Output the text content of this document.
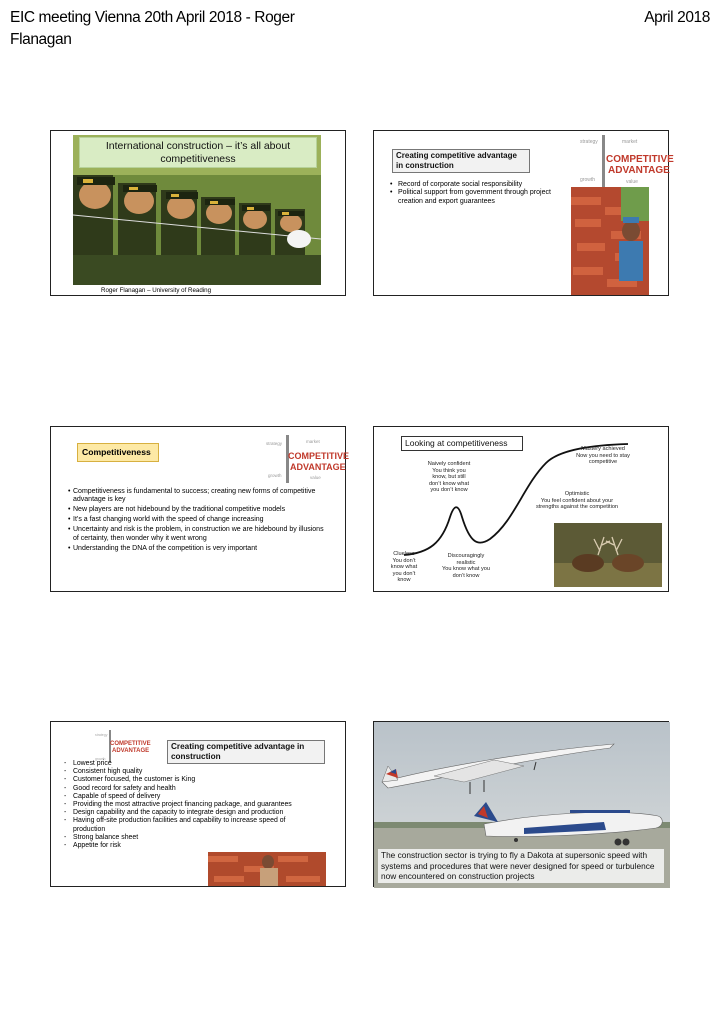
EIC meeting Vienna 20th April 2018 - Roger Flanagan
April 2018
International construction – it’s all about competitiveness
Roger Flanagan – University of Reading
Creating competitive advantage in construction
• Record of corporate social responsibility
• Political support from government through project creation and export guarantees
strategy	market
growth	value
COMPETITIVE
ADVANTAGE
Competitiveness
strategy	market
growth	value
COMPETITIVE
ADVANTAGE
• Competitiveness is fundamental to success; creating new forms of competitive advantage is key
• New players are not hidebound by the traditional competitive models
• It’s a fast changing world with the speed of change increasing
• Uncertainty and risk is the problem, in construction we are hidebound by illusions of certainty, then wonder why it went wrong
• Understanding the DNA of the competition is very important
Looking at competitiveness
Mastery achieved
Now you need to stay competitive
Naively confident
You think you know, but still don’t know what you don’t know
Optimistic
You feel confident about your strengths against the competition
Clueless
You don’t know what you don’t know
Discouragingly realistic
You know what you don’t know
COMPETITIVE
ADVANTAGE
strategy
growth
Creating competitive advantage in construction
- Lowest price
- Consistent high quality
- Customer focused, the customer is King
- Good record for safety and health
- Capable of speed of delivery
- Providing the most attractive project financing package, and guarantees
- Design capability and the capacity to integrate design and production
- Having off-site production facilities and capability to increase speed of production
- Strong balance sheet
- Appetite for risk
The construction sector is trying to fly a Dakota at supersonic speed with systems and procedures that were never designed for speed or turbulence now encountered on construction projects
